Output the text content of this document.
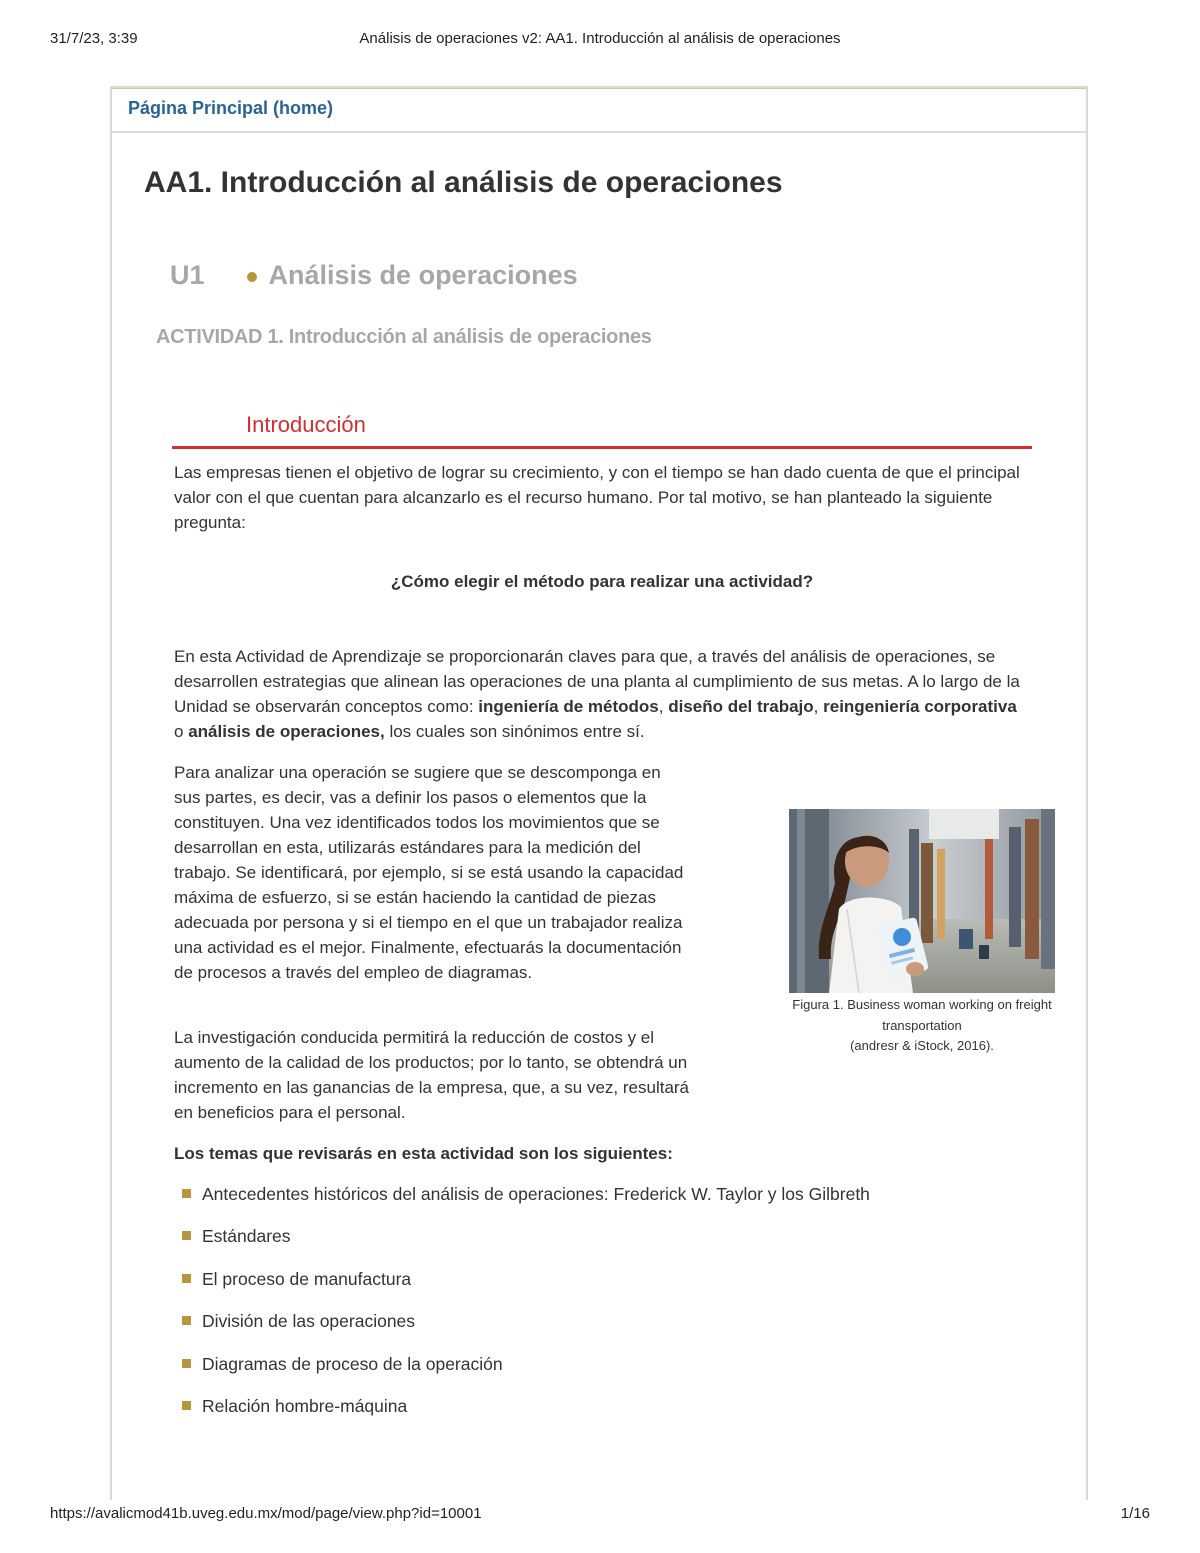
31/7/23, 3:39	Análisis de operaciones v2: AA1. Introducción al análisis de operaciones
Página Principal (home)
AA1. Introducción al análisis de operaciones
U1 Análisis de operaciones
ACTIVIDAD 1. Introducción al análisis de operaciones
Introducción

Las empresas tienen el objetivo de lograr su crecimiento, y con el tiempo se han dado cuenta de que el principal valor con el que cuentan para alcanzarlo es el recurso humano. Por tal motivo, se han planteado la siguiente pregunta:

¿Cómo elegir el método para realizar una actividad?

En esta Actividad de Aprendizaje se proporcionarán claves para que, a través del análisis de operaciones, se desarrollen estrategias que alinean las operaciones de una planta al cumplimiento de sus metas. A lo largo de la Unidad se observarán conceptos como: ingeniería de métodos, diseño del trabajo, reingeniería corporativa o análisis de operaciones, los cuales son sinónimos entre sí.

Para analizar una operación se sugiere que se descomponga en sus partes, es decir, vas a definir los pasos o elementos que la constituyen. Una vez identificados todos los movimientos que se desarrollan en esta, utilizarás estándares para la medición del trabajo. Se identificará, por ejemplo, si se está usando la capacidad máxima de esfuerzo, si se están haciendo la cantidad de piezas adecuada por persona y si el tiempo en el que un trabajador realiza una actividad es el mejor. Finalmente, efectuarás la documentación de procesos a través del empleo de diagramas.

Figura 1. Business woman working on freight transportation
(andresr & iStock, 2016).

La investigación conducida permitirá la reducción de costos y el aumento de la calidad de los productos; por lo tanto, se obtendrá un incremento en las ganancias de la empresa, que, a su vez, resultará en beneficios para el personal.

Los temas que revisarás en esta actividad son los siguientes:

Antecedentes históricos del análisis de operaciones: Frederick W. Taylor y los Gilbreth
Estándares
El proceso de manufactura
División de las operaciones
Diagramas de proceso de la operación
Relación hombre-máquina
https://avalicmod41b.uveg.edu.mx/mod/page/view.php?id=10001	1/16
